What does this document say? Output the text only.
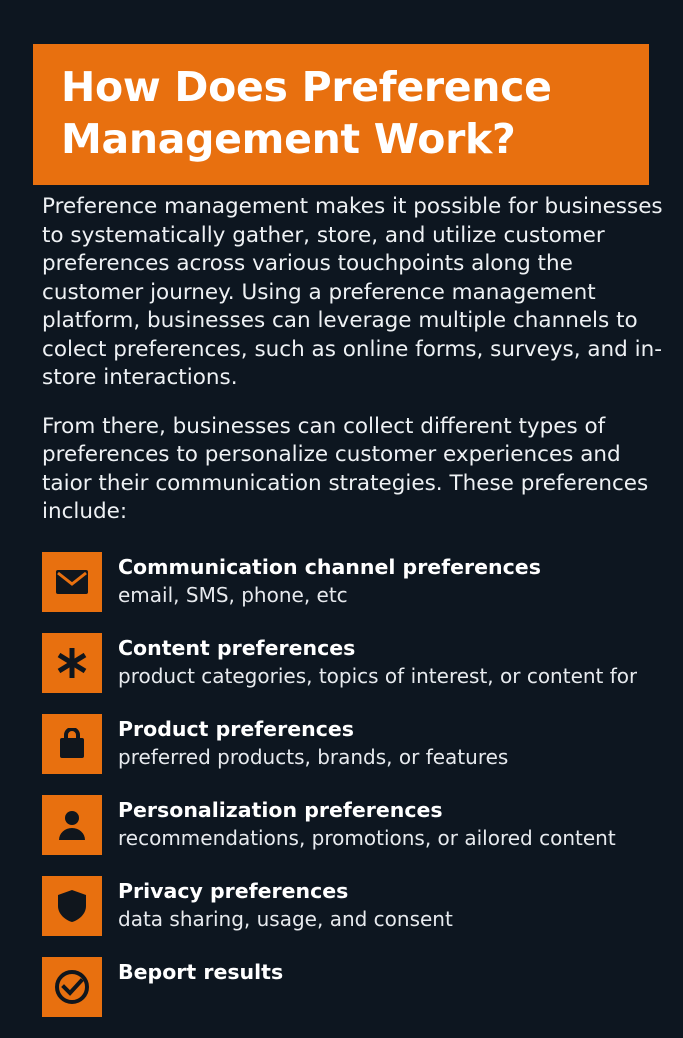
How Does Preference
Management Work?

Preference management makes it possible for businesses to systematically gather, store, and utilize customer preferences across various touchpoints along the customer journey. Using a preference management platform, businesses can leverage multiple channels to colect preferences, such as online forms, surveys, and in-store interactions.

From there, businesses can collect different types of preferences to personalize customer experiences and taior their communication strategies. These preferences include:

Communication channel preferences
email, SMS, phone, etc
Content preferences
product categories, topics of interest, or content for
Product preferences
preferred products, brands, or features
Personalization preferences
recommendations, promotions, or ailored content
Privacy preferences
data sharing, usage, and consent
Beport results
